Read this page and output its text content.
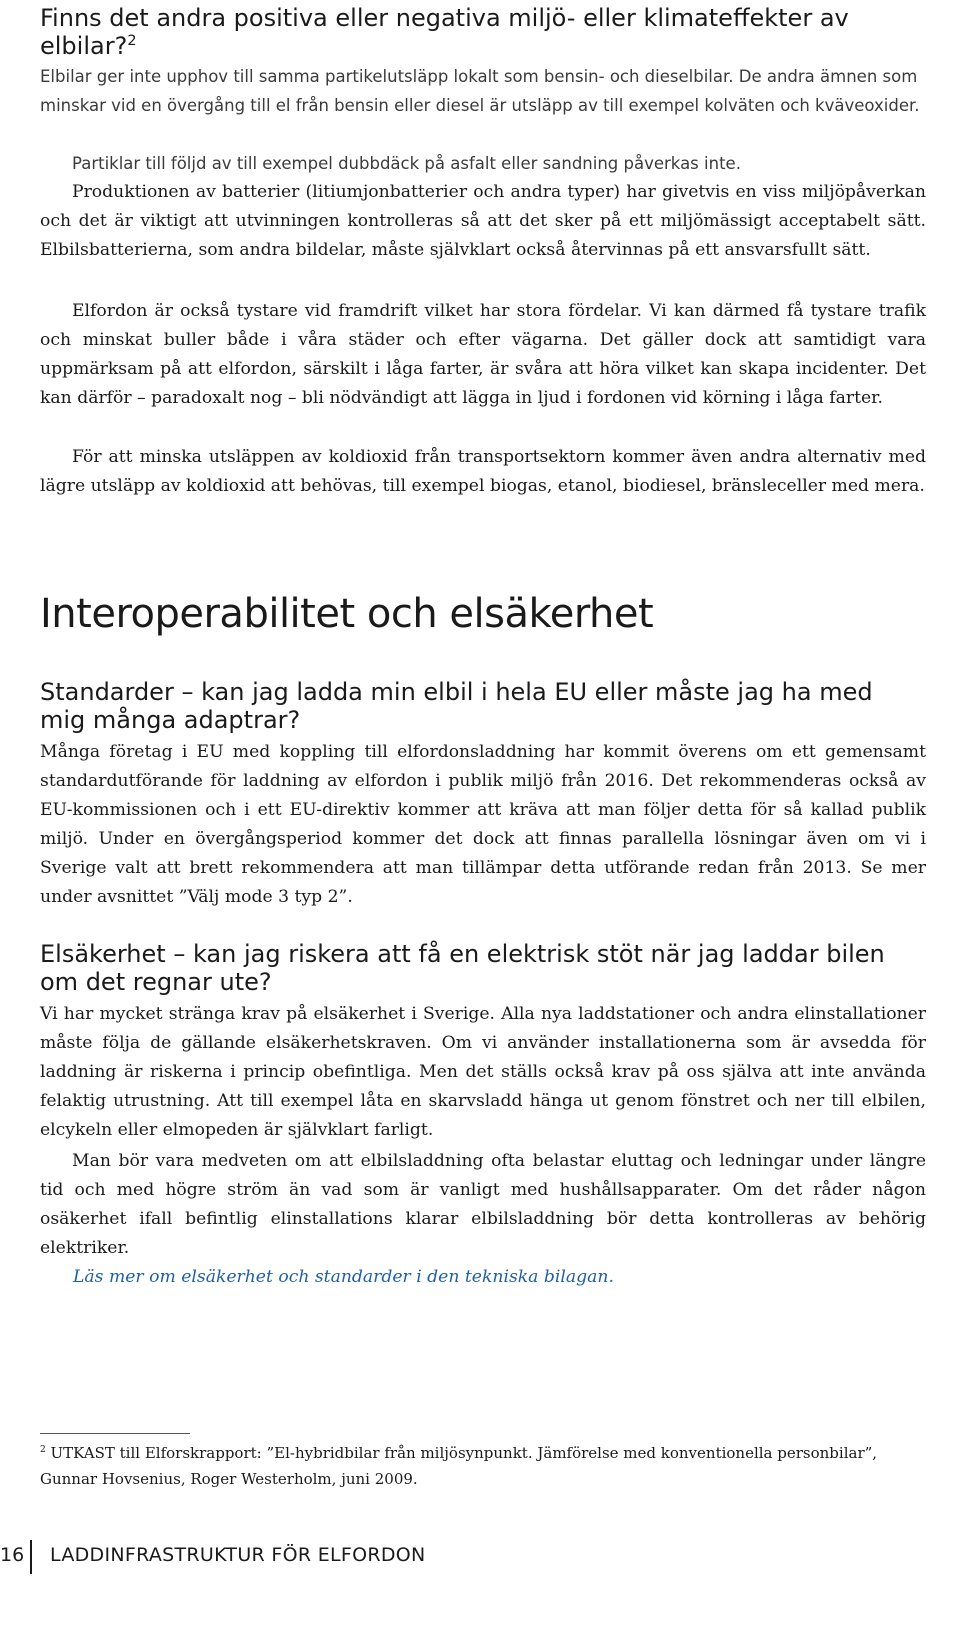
Finns det andra positiva eller negativa miljö- eller klimateffekter av elbilar?$^2$

Elbilar ger inte upphov till samma partikelutsläpp lokalt som bensin- och dieselbilar. De andra ämnen som minskar vid en övergång till el från bensin eller diesel är utsläpp av till exempel kolväten och kväveoxider.

Partiklar till följd av till exempel dubbdäck på asfalt eller sandning påverkas inte.

Produktionen av batterier (litiumjonbatterier och andra typer) har givetvis en viss miljöpåverkan och det är viktigt att utvinningen kontrolleras så att det sker på ett miljömässigt acceptabelt sätt. Elbilsbatterierna, som andra bildelar, måste självklart också återvinnas på ett ansvarsfullt sätt.

Elfordon är också tystare vid framdrift vilket har stora fördelar. Vi kan därmed få tystare trafik och minskat buller både i våra städer och efter vägarna. Det gäller dock att samtidigt vara uppmärksam på att elfordon, särskilt i låga farter, är svåra att höra vilket kan skapa incidenter. Det kan därför – paradoxalt nog – bli nödvändigt att lägga in ljud i fordonen vid körning i låga farter.

För att minska utsläppen av koldioxid från transportsektorn kommer även andra alternativ med lägre utsläpp av koldioxid att behövas, till exempel biogas, etanol, biodiesel, bränsleceller med mera.

Interoperabilitet och elsäkerhet
Standarder – kan jag ladda min elbil i hela EU eller måste jag ha med mig många adaptrar?

Många företag i EU med koppling till elfordonsladdning har kommit överens om ett gemensamt standardutförande för laddning av elfordon i publik miljö från 2016. Det rekommenderas också av EU-kommissionen och i ett EU-direktiv kommer att kräva att man följer detta för så kallad publik miljö. Under en övergångsperiod kommer det dock att finnas parallella lösningar även om vi i Sverige valt att brett rekommendera att man tillämpar detta utförande redan från 2013. Se mer under avsnittet ”Välj mode 3 typ 2”.

Elsäkerhet – kan jag riskera att få en elektrisk stöt när jag laddar bilen om det regnar ute?

Vi har mycket stränga krav på elsäkerhet i Sverige. Alla nya laddstationer och andra elinstallationer måste följa de gällande elsäkerhetskraven. Om vi använder installationerna som är avsedda för laddning är riskerna i princip obefintliga. Men det ställs också krav på oss själva att inte använda felaktig utrustning. Att till exempel låta en skarvsladd hänga ut genom fönstret och ner till elbilen, elcykeln eller elmopeden är självklart farligt.

Man bör vara medveten om att elbilsladdning ofta belastar eluttag och ledningar under längre tid och med högre ström än vad som är vanligt med hushållsapparater. Om det råder någon osäkerhet ifall befintlig elinstallations klarar elbilsladdning bör detta kontrolleras av behörig elektriker.

Läs mer om elsäkerhet och standarder i den tekniska bilagan.

$^2$ UTKAST till Elforskrapport: ”El-hybridbilar från miljösynpunkt. Jämförelse med konventionella personbilar”, Gunnar Hovsenius, Roger Westerholm, juni 2009.

16 LADDINFRASTRUKTUR FÖR ELFORDON
